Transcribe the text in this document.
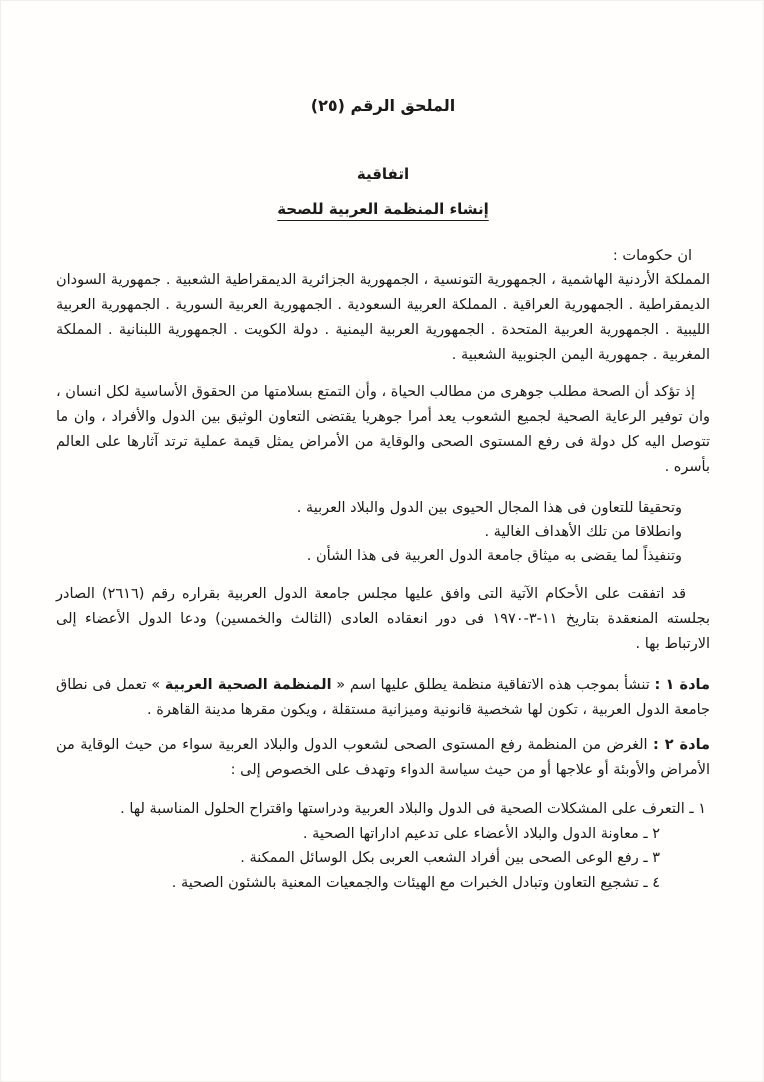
الملحق الرقم (٢٥)
اتفاقية
إنشاء المنظمة العربية للصحة

ان حكومات :

المملكة الأردنية الهاشمية ، الجمهورية التونسية ، الجمهورية الجزائرية الديمقراطية الشعبية . جمهورية السودان الديمقراطية . الجمهورية العراقية . المملكة العربية السعودية . الجمهورية العربية السورية . الجمهورية العربية الليبية . الجمهورية العربية المتحدة . الجمهورية العربية اليمنية . دولة الكويت . الجمهورية اللبنانية . المملكة المغربية . جمهورية اليمن الجنوبية الشعبية .

إذ تؤكد أن الصحة مطلب جوهرى من مطالب الحياة ، وأن التمتع بسلامتها من الحقوق الأساسية لكل انسان ، وان توفير الرعاية الصحية لجميع الشعوب يعد أمرا جوهريا يقتضى التعاون الوثيق بين الدول والأفراد ، وان ما تتوصل اليه كل دولة فى رفع المستوى الصحى والوقاية من الأمراض يمثل قيمة عملية ترتد آثارها على العالم بأسره .

وتحقيقا للتعاون فى هذا المجال الحيوى بين الدول والبلاد العربية .

وانطلاقا من تلك الأهداف الغالية .

وتنفيذاً لما يقضى به ميثاق جامعة الدول العربية فى هذا الشأن .

قد اتفقت على الأحكام الآتية التى وافق عليها مجلس جامعة الدول العربية بقراره رقم (٢٦١٦) الصادر بجلسته المنعقدة بتاريخ ١١-٣-١٩٧٠ فى دور انعقاده العادى (الثالث والخمسين) ودعا الدول الأعضاء إلى الارتباط بها .

مادة ١ : تنشأ بموجب هذه الاتفاقية منظمة يطلق عليها اسم « المنظمة الصحية العربية » تعمل فى نطاق جامعة الدول العربية ، تكون لها شخصية قانونية وميزانية مستقلة ، ويكون مقرها مدينة القاهرة .

مادة ٢ : الغرض من المنظمة رفع المستوى الصحى لشعوب الدول والبلاد العربية سواء من حيث الوقاية من الأمراض والأوبئة أو علاجها أو من حيث سياسة الدواء وتهدف على الخصوص إلى :

١ ـ التعرف على المشكلات الصحية فى الدول والبلاد العربية ودراستها واقتراح الحلول المناسبة لها .

٢ ـ معاونة الدول والبلاد الأعضاء على تدعيم اداراتها الصحية .

٣ ـ رفع الوعى الصحى بين أفراد الشعب العربى بكل الوسائل الممكنة .

٤ ـ تشجيع التعاون وتبادل الخبرات مع الهيئات والجمعيات المعنية بالشئون الصحية .
